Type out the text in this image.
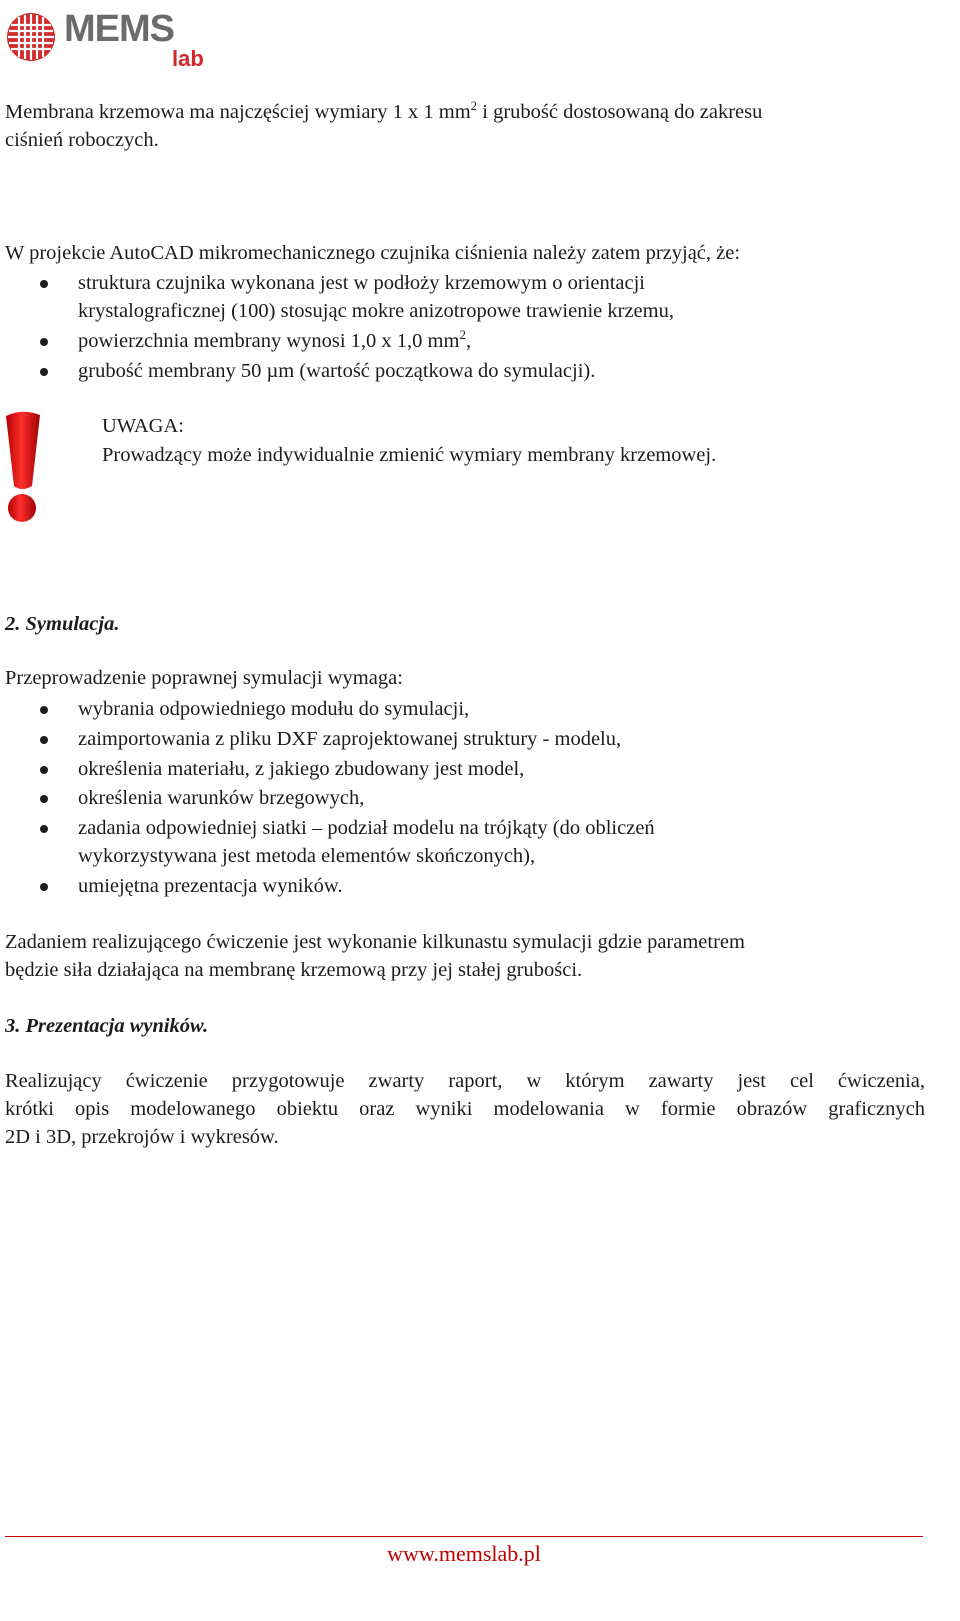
MEMS
lab
Membrana krzemowa ma najczęściej wymiary 1 x 1 $mm^2$ i grubość dostosowaną do zakresu
ciśnień roboczych.
W projekcie AutoCAD mikromechanicznego czujnika ciśnienia należy zatem przyjąć, że:
struktura czujnika wykonana jest w podłoży krzemowym o orientacji
krystalograficznej (100) stosując mokre anizotropowe trawienie krzemu,
powierzchnia membrany wynosi 1,0 x 1,0 $mm^2$,
grubość membrany 50 µm (wartość początkowa do symulacji).
UWAGA:
Prowadzący może indywidualnie zmienić wymiary membrany krzemowej.
2. Symulacja.
Przeprowadzenie poprawnej symulacji wymaga:
wybrania odpowiedniego modułu do symulacji,
zaimportowania z pliku DXF zaprojektowanej struktury - modelu,
określenia materiału, z jakiego zbudowany jest model,
określenia warunków brzegowych,
zadania odpowiedniej siatki – podział modelu na trójkąty (do obliczeń
wykorzystywana jest metoda elementów skończonych),
umiejętna prezentacja wyników.
Zadaniem realizującego ćwiczenie jest wykonanie kilkunastu symulacji gdzie parametrem
będzie siła działająca na membranę krzemową przy jej stałej grubości.
3. Prezentacja wyników.
Realizujący ćwiczenie przygotowuje zwarty raport, w którym zawarty jest cel ćwiczenia,
krótki opis modelowanego obiektu oraz wyniki modelowania w formie obrazów graficznych
2D i 3D, przekrojów i wykresów.
www.memslab.pl
